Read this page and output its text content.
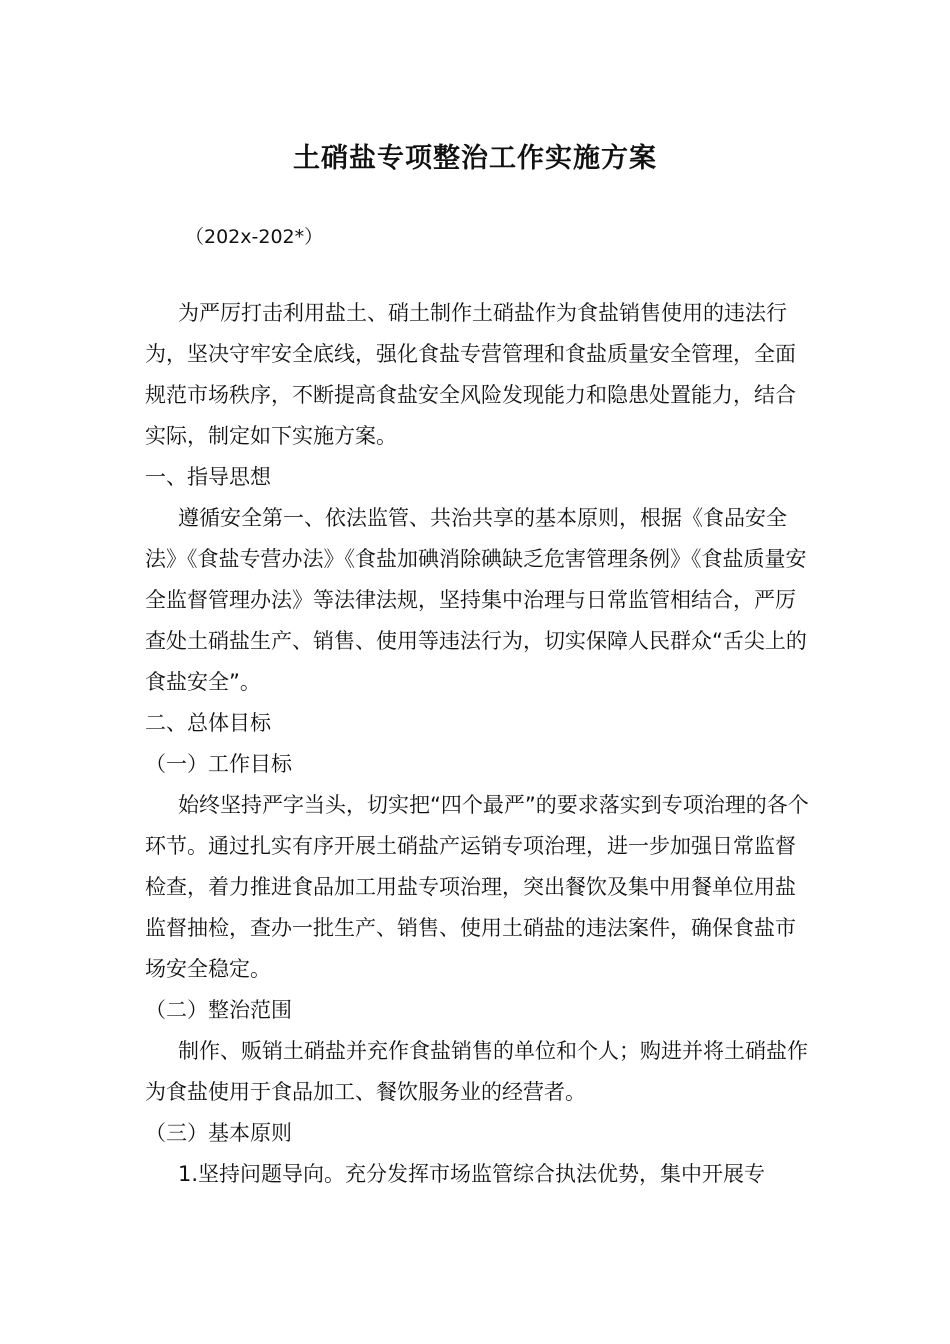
土硝盐专项整治工作实施方案
（202x-202*）

为严厉打击利用盐土、硝土制作土硝盐作为食盐销售使用的违法行为，坚决守牢安全底线，强化食盐专营管理和食盐质量安全管理，全面规范市场秩序，不断提高食盐安全风险发现能力和隐患处置能力，结合实际，制定如下实施方案。

一、指导思想

遵循安全第一、依法监管、共治共享的基本原则，根据《食品安全法》《食盐专营办法》《食盐加碘消除碘缺乏危害管理条例》《食盐质量安全监督管理办法》等法律法规，坚持集中治理与日常监管相结合，严厉查处土硝盐生产、销售、使用等违法行为，切实保障人民群众“舌尖上的食盐安全”。

二、总体目标

（一）工作目标

始终坚持严字当头，切实把“四个最严”的要求落实到专项治理的各个环节。通过扎实有序开展土硝盐产运销专项治理，进一步加强日常监督检查，着力推进食品加工用盐专项治理，突出餐饮及集中用餐单位用盐监督抽检，查办一批生产、销售、使用土硝盐的违法案件，确保食盐市场安全稳定。

（二）整治范围

制作、贩销土硝盐并充作食盐销售的单位和个人；购进并将土硝盐作为食盐使用于食品加工、餐饮服务业的经营者。

（三）基本原则

1.坚持问题导向。充分发挥市场监管综合执法优势，集中开展专
